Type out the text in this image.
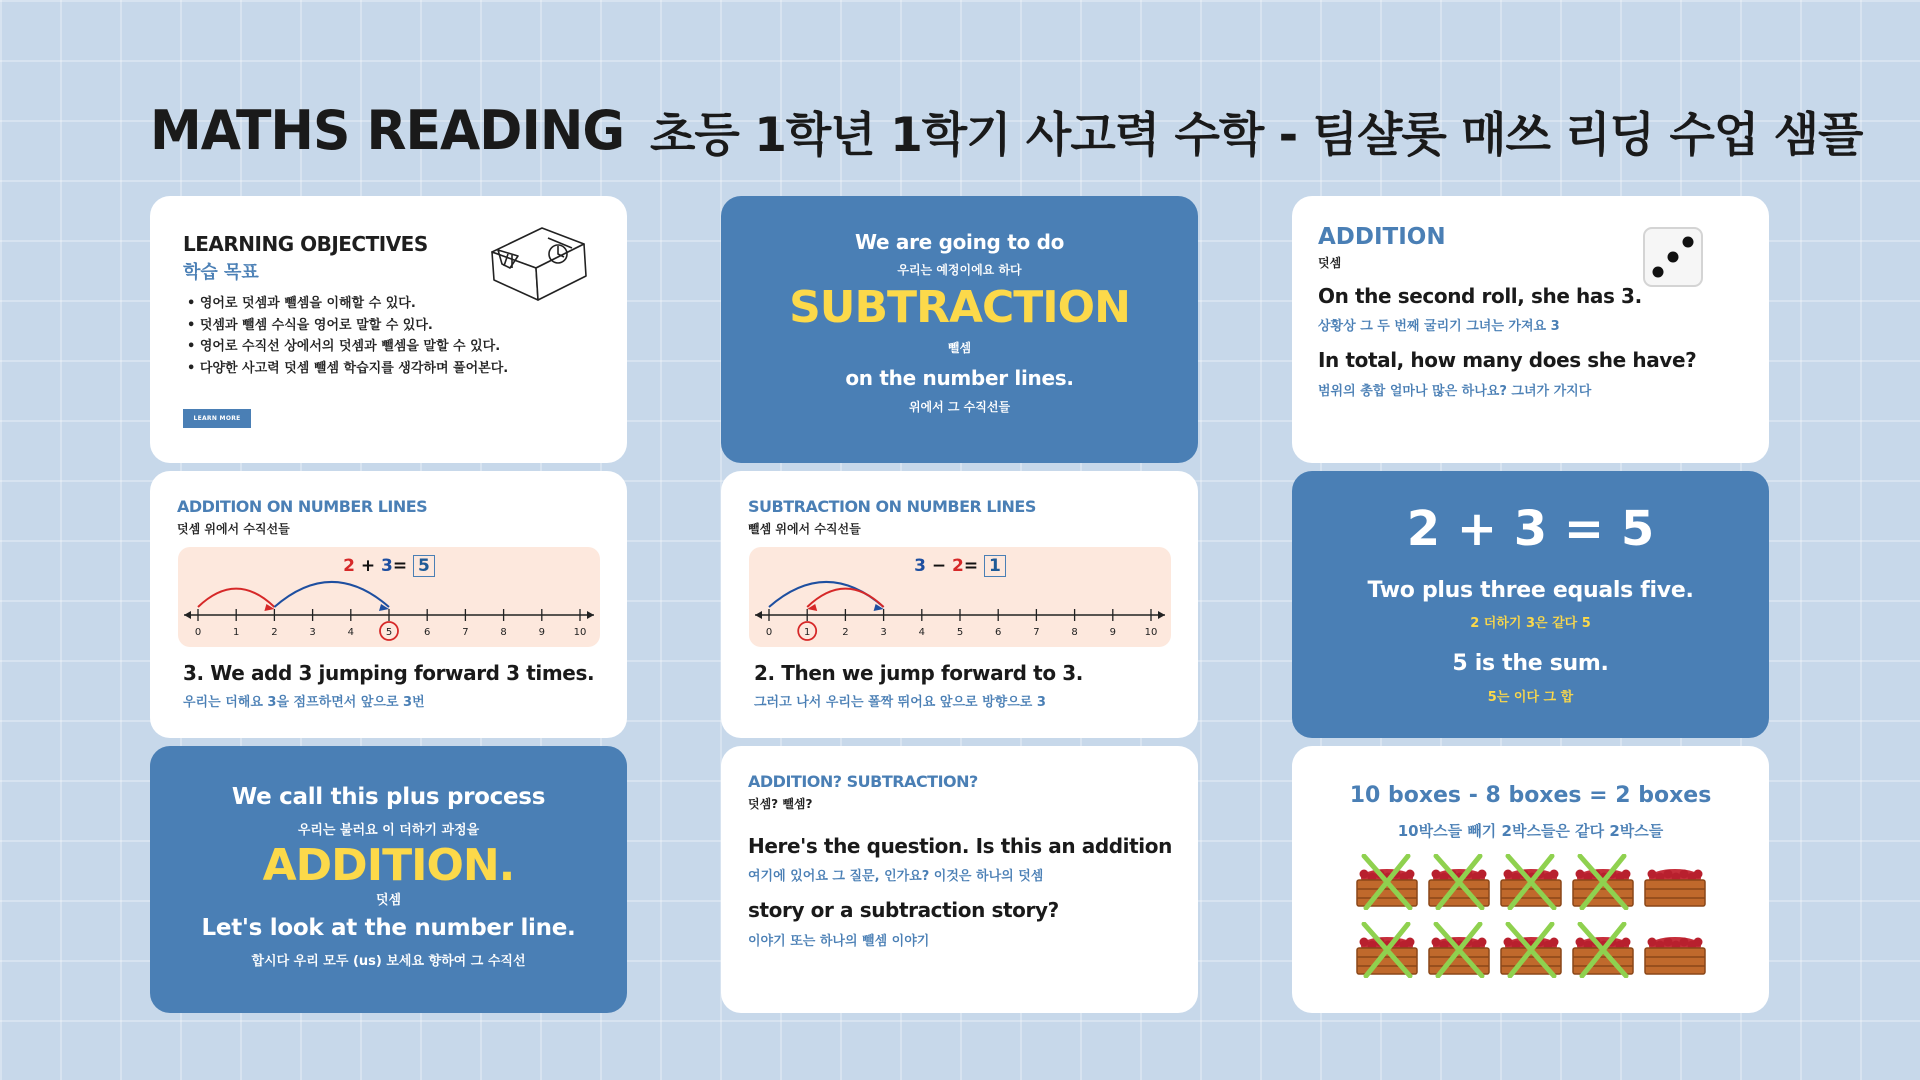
MATHS READING 초등 1학년 1학기 사고력 수학 - 팀샬롯 매쓰 리딩 수업 샘플
LEARNING OBJECTIVES
학습 목표
• 영어로 덧셈과 뺄셈을 이해할 수 있다.
• 덧셈과 뺄셈 수식을 영어로 말할 수 있다.
• 영어로 수직선 상에서의 덧셈과 뺄셈을 말할 수 있다.
• 다양한 사고력 덧셈 뺄셈 학습지를 생각하며 풀어본다.
LEARN MORE
We are going to do
우리는 예정이에요 하다
SUBTRACTION
뺄셈
on the number lines.
위에서 그 수직선들
ADDITION
덧셈
On the second roll, she has 3.
상황상 그 두 번째 굴리기 그녀는 가져요 3
In total, how many does she have?
범위의 총합 얼마나 많은 하나요? 그녀가 가지다
ADDITION ON NUMBER LINES
덧셈 위에서 수직선들
2 + 3= 5
0	1	2	3	4	5	6	7	8	9	10
3. We add 3 jumping forward 3 times.
우리는 더해요 3을 점프하면서 앞으로 3번
SUBTRACTION ON NUMBER LINES
뺄셈 위에서 수직선들
3 − 2= 1
0	1	2	3	4	5	6	7	8	9	10
2. Then we jump forward to 3.
그러고 나서 우리는 폴짝 뛰어요 앞으로 방향으로 3
2 + 3 = 5
Two plus three equals five.
2 더하기 3은 같다 5
5 is the sum.
5는 이다 그 합
We call this plus process
우리는 불러요 이 더하기 과정을
ADDITION.
덧셈
Let's look at the number line.
합시다 우리 모두 (us) 보세요 향하여 그 수직선
ADDITION? SUBTRACTION?
덧셈? 뺄셈?
Here's the question. Is this an addition
여기에 있어요 그 질문, 인가요? 이것은 하나의 덧셈
story or a subtraction story?
이야기 또는 하나의 뺄셈 이야기
10 boxes - 8 boxes = 2 boxes
10박스들 빼기 2박스들은 같다 2박스들
